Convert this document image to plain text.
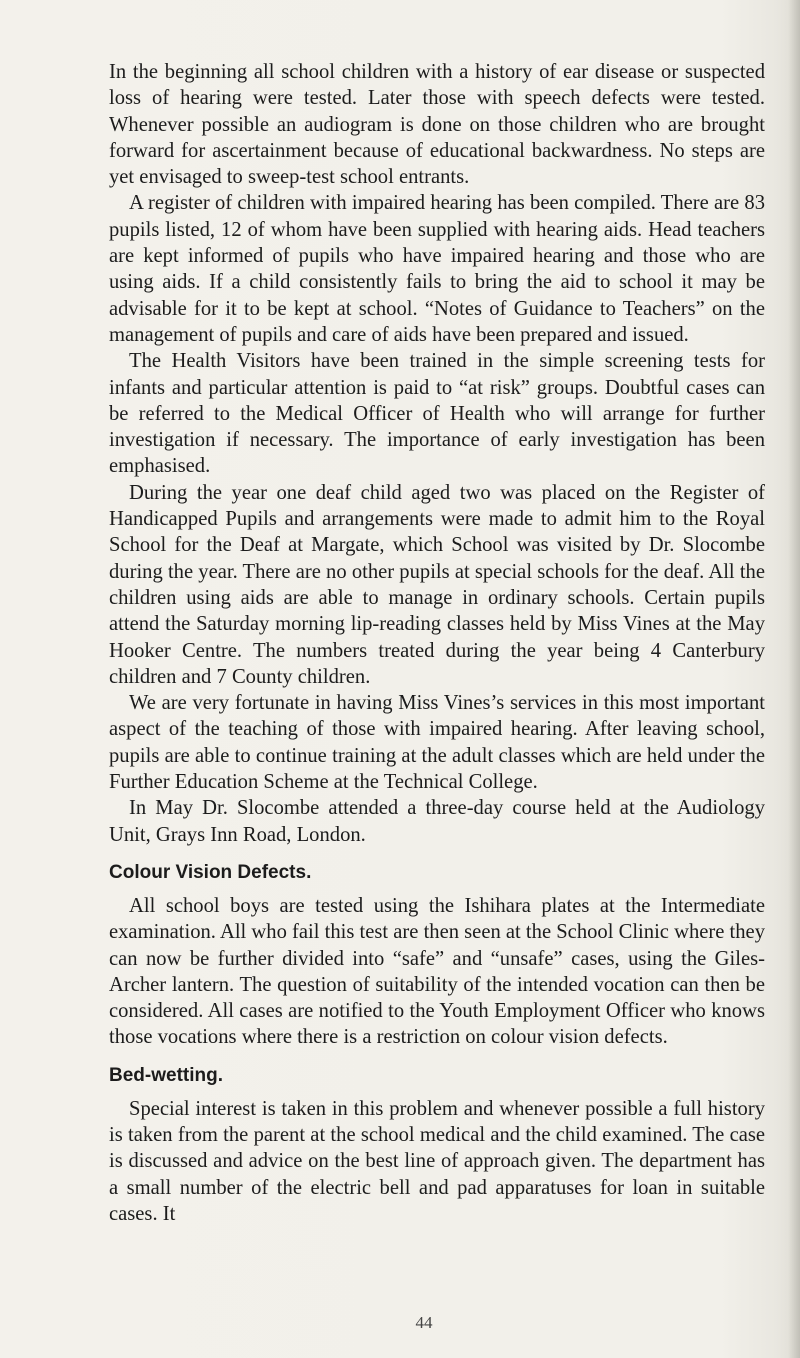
In the beginning all school children with a history of ear disease or suspected loss of hearing were tested. Later those with speech defects were tested. Whenever possible an audiogram is done on those children who are brought forward for ascertainment because of educational backwardness. No steps are yet envisaged to sweep-test school entrants.

A register of children with impaired hearing has been compiled. There are 83 pupils listed, 12 of whom have been supplied with hearing aids. Head teachers are kept informed of pupils who have impaired hearing and those who are using aids. If a child consistently fails to bring the aid to school it may be advisable for it to be kept at school. “Notes of Guidance to Teachers” on the management of pupils and care of aids have been prepared and issued.

The Health Visitors have been trained in the simple screening tests for infants and particular attention is paid to “at risk” groups. Doubtful cases can be referred to the Medical Officer of Health who will arrange for further investigation if necessary. The importance of early investigation has been emphasised.

During the year one deaf child aged two was placed on the Register of Handicapped Pupils and arrangements were made to admit him to the Royal School for the Deaf at Margate, which School was visited by Dr. Slocombe during the year. There are no other pupils at special schools for the deaf. All the children using aids are able to manage in ordinary schools. Certain pupils attend the Saturday morning lip-reading classes held by Miss Vines at the May Hooker Centre. The numbers treated during the year being 4 Canterbury children and 7 County children.

We are very fortunate in having Miss Vines’s services in this most important aspect of the teaching of those with impaired hearing. After leaving school, pupils are able to continue training at the adult classes which are held under the Further Education Scheme at the Technical College.

In May Dr. Slocombe attended a three-day course held at the Audiology Unit, Grays Inn Road, London.

Colour Vision Defects.

All school boys are tested using the Ishihara plates at the Intermediate examination. All who fail this test are then seen at the School Clinic where they can now be further divided into “safe” and “unsafe” cases, using the Giles-Archer lantern. The question of suitability of the intended vocation can then be considered. All cases are notified to the Youth Employment Officer who knows those vocations where there is a restriction on colour vision defects.

Bed-wetting.

Special interest is taken in this problem and whenever possible a full history is taken from the parent at the school medical and the child examined. The case is discussed and advice on the best line of approach given. The department has a small number of the electric bell and pad apparatuses for loan in suitable cases. It

44
